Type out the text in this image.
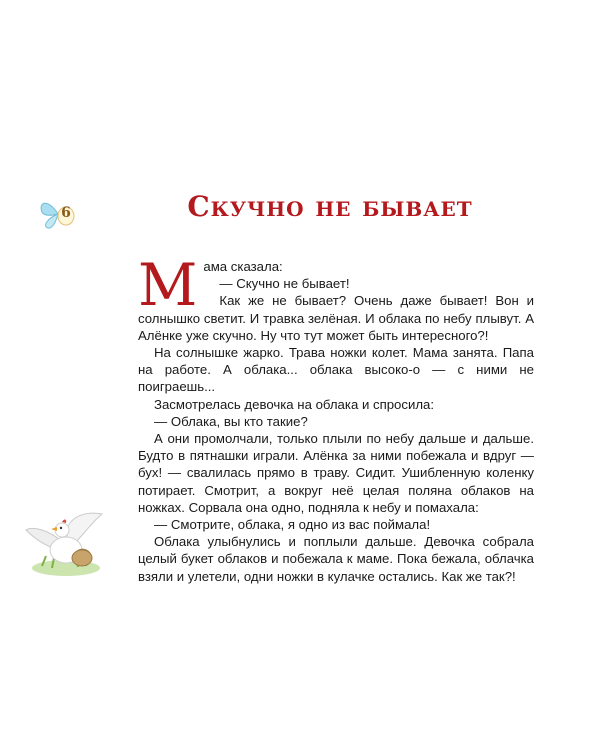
6	Скучно не бывает

Мама сказала:

— Скучно не бывает!

Как же не бывает? Очень даже бывает! Вон и солнышко светит. И травка зелёная. И облака по небу плывут. А Алёнке уже скучно. Ну что тут может быть интересного?!

На солнышке жарко. Трава ножки колет. Мама занята. Папа на работе. А облака... облака высоко-о — с ними не поиграешь...

Засмотрелась девочка на облака и спросила:

— Облака, вы кто такие?

А они промолчали, только плыли по небу дальше и дальше. Будто в пятнашки играли. Алёнка за ними побежала и вдруг — бух! — свалилась прямо в траву. Сидит. Ушибленную коленку потирает. Смотрит, а вокруг неё целая поляна облаков на ножках. Сорвала она одно, подняла к небу и помахала:

— Смотрите, облака, я одно из вас поймала!

Облака улыбнулись и поплыли дальше. Девочка собрала целый букет облаков и побежала к маме. Пока бежала, облачка взяли и улетели, одни ножки в кулачке остались. Как же так?!
